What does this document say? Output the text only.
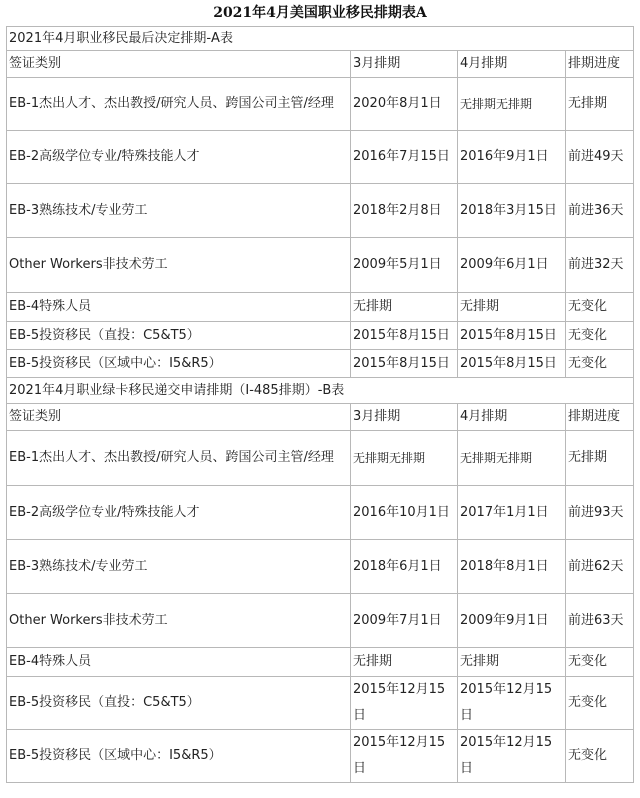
2021年4月美国职业移民排期表A
2021年4月职业移民最后决定排期-A表			
签证类别	3月排期	4月排期	排期进度
EB-1杰出人才、杰出教授/研究人员、跨国公司主管/经理	2020年8月1日	无排期无排期	无排期
EB-2高级学位专业/特殊技能人才	2016年7月15日	2016年9月1日	前进49天
EB-3熟练技术/专业劳工	2018年2月8日	2018年3月15日	前进36天
Other Workers非技术劳工	2009年5月1日	2009年6月1日	前进32天
EB-4特殊人员	无排期	无排期	无变化
EB-5投资移民（直投：C5&T5）	2015年8月15日	2015年8月15日	无变化
EB-5投资移民（区域中心：I5&R5）	2015年8月15日	2015年8月15日	无变化
2021年4月职业绿卡移民递交申请排期（I-485排期）-B表			
签证类别	3月排期	4月排期	排期进度
EB-1杰出人才、杰出教授/研究人员、跨国公司主管/经理	无排期无排期	无排期无排期	无排期
EB-2高级学位专业/特殊技能人才	2016年10月1日	2017年1月1日	前进93天
EB-3熟练技术/专业劳工	2018年6月1日	2018年8月1日	前进62天
Other Workers非技术劳工	2009年7月1日	2009年9月1日	前进63天
EB-4特殊人员	无排期	无排期	无变化
EB-5投资移民（直投：C5&T5）	2015年12月15日	2015年12月15日	无变化
EB-5投资移民（区域中心：I5&R5）	2015年12月15日	2015年12月15日	无变化
